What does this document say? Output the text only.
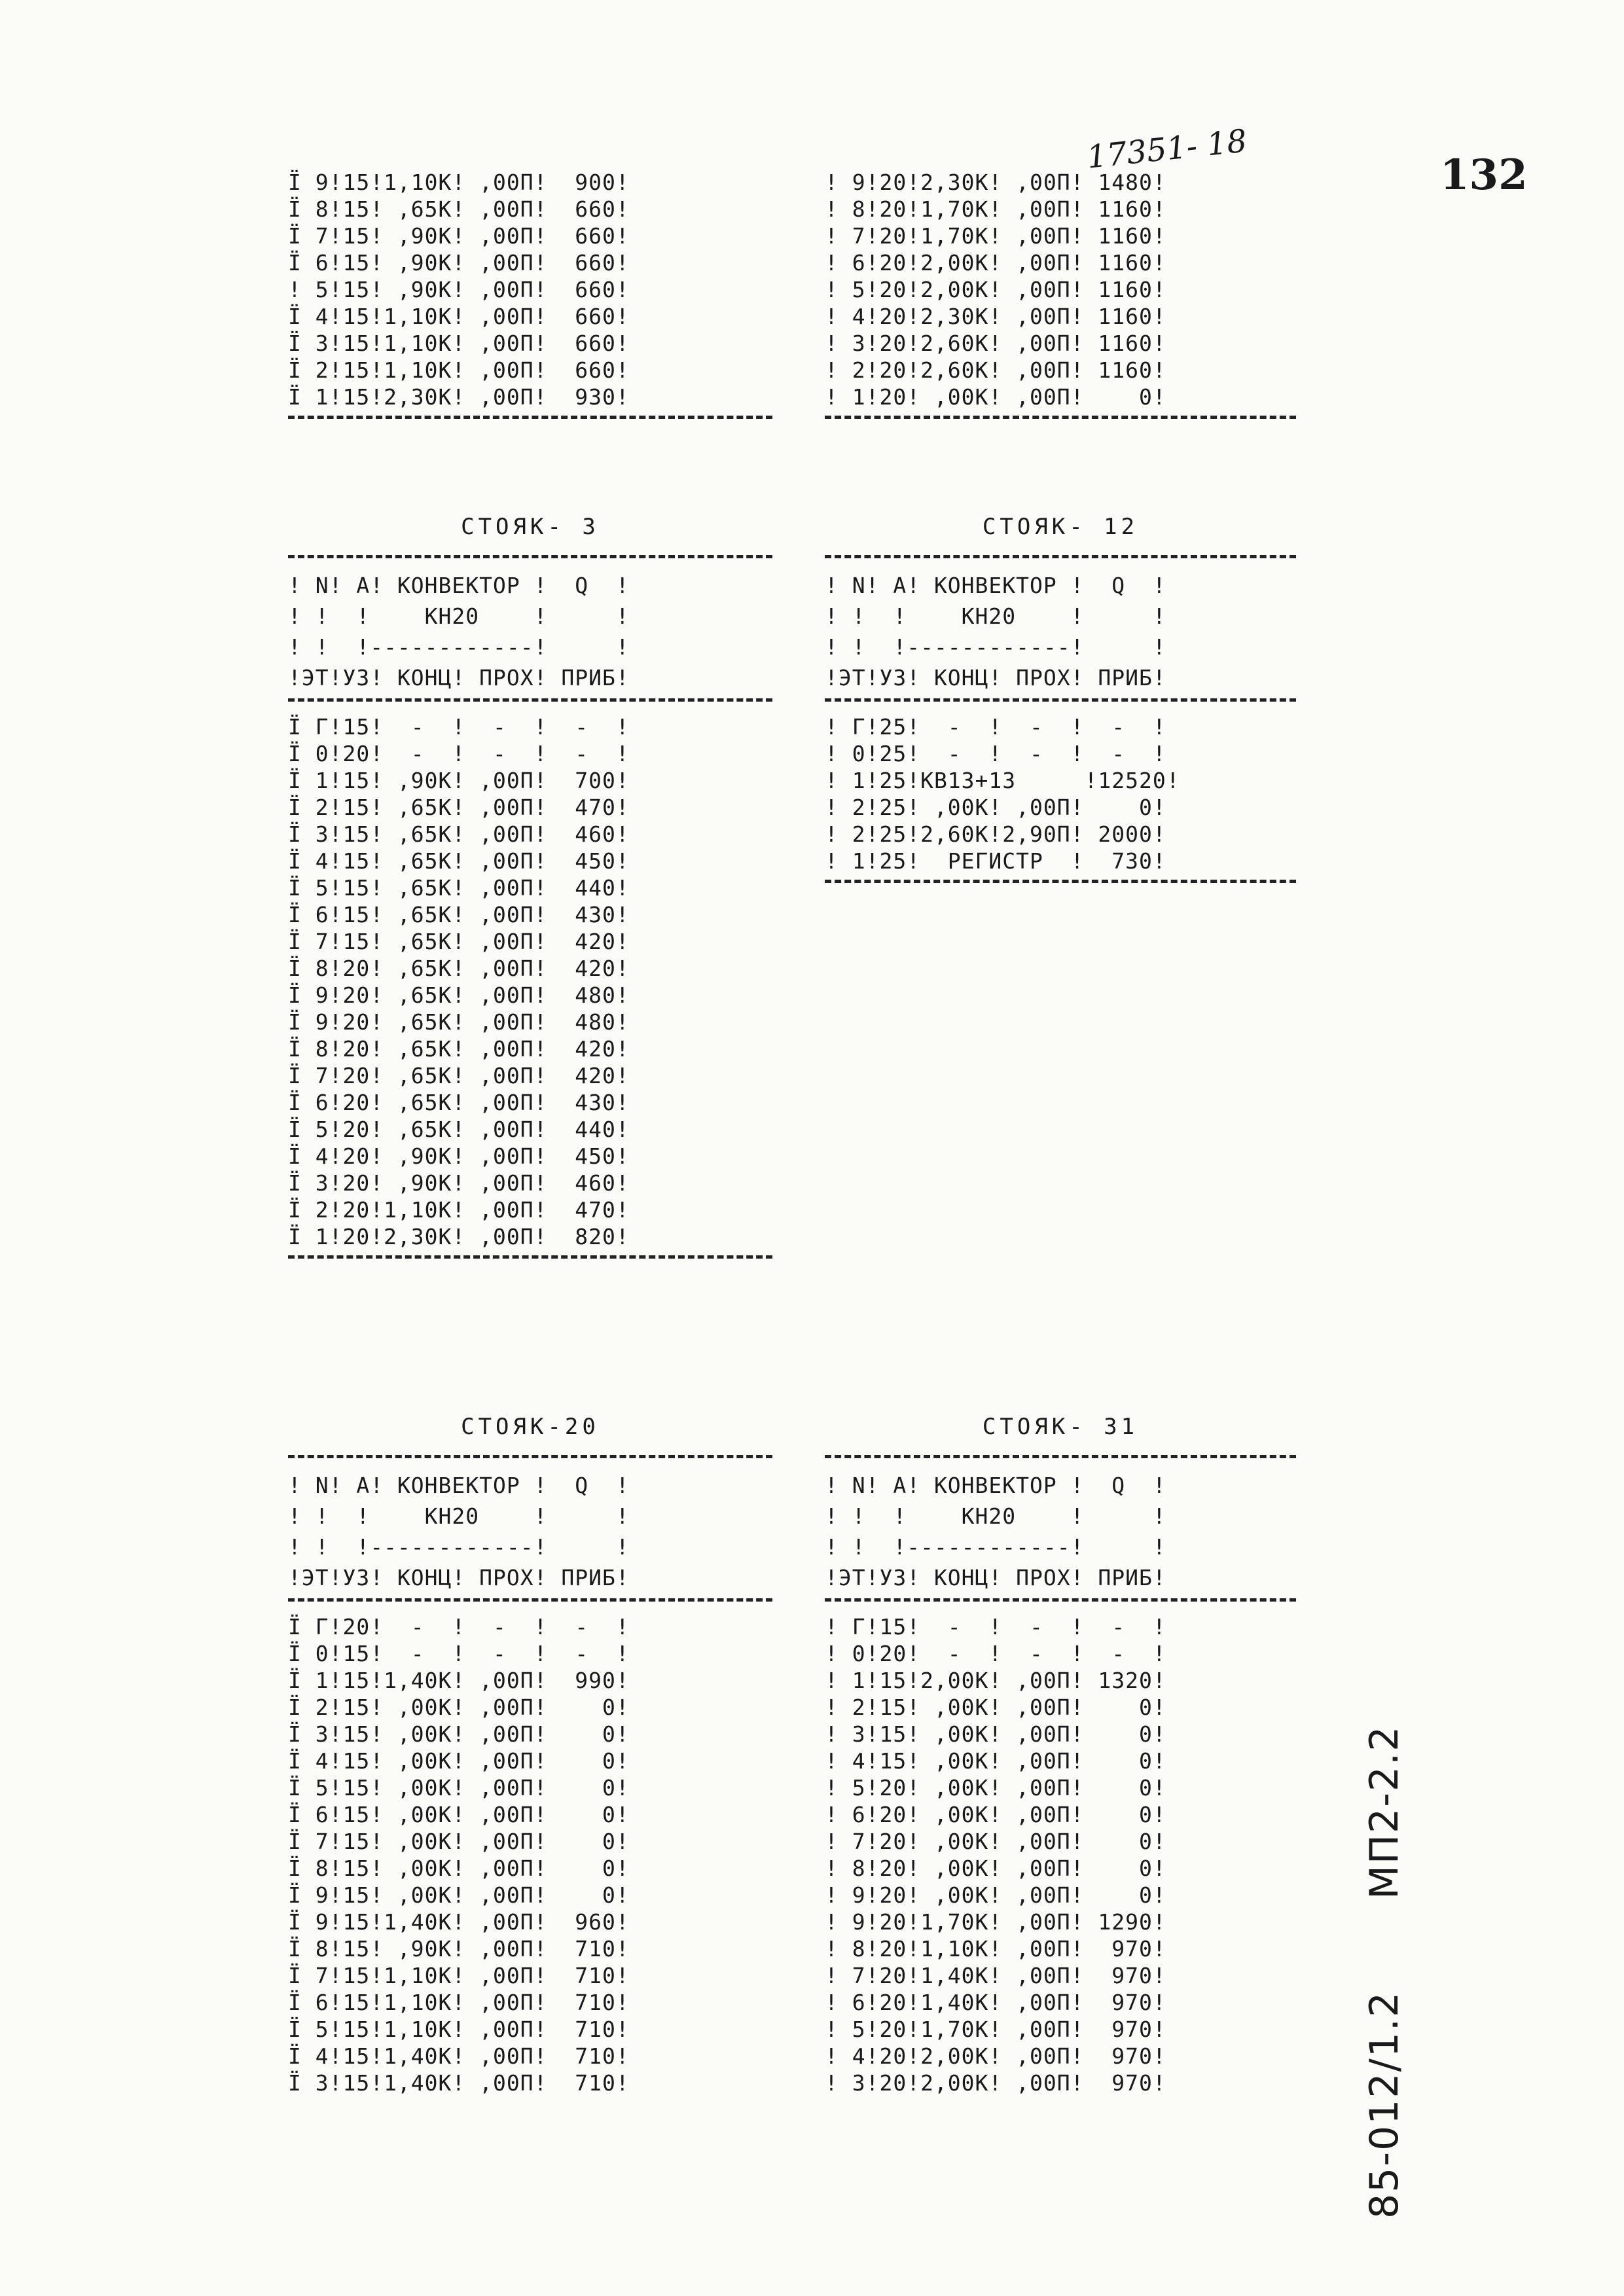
132
17351- 18
85-012/1.2МП2-2.2
Ї 9!15!1,10К! ,00П!  900!
Ї 8!15! ,65К! ,00П!  660!
Ї 7!15! ,90К! ,00П!  660!
Ї 6!15! ,90К! ,00П!  660!
! 5!15! ,90К! ,00П!  660!
Ї 4!15!1,10К! ,00П!  660!
Ї 3!15!1,10К! ,00П!  660!
Ї 2!15!1,10К! ,00П!  660!
Ї 1!15!2,30К! ,00П!  930!
! 9!20!2,30К! ,00П! 1480!
! 8!20!1,70К! ,00П! 1160!
! 7!20!1,70К! ,00П! 1160!
! 6!20!2,00К! ,00П! 1160!
! 5!20!2,00К! ,00П! 1160!
! 4!20!2,30К! ,00П! 1160!
! 3!20!2,60К! ,00П! 1160!
! 2!20!2,60К! ,00П! 1160!
! 1!20! ,00К! ,00П!    0!
СТОЯК- 3
! N! A! КОНВЕКТОР !  Q  !
! !  !    КН20    !     !
! !  !------------!     !
!ЭТ!УЗ! КОНЦ! ПРОХ! ПРИБ!
Ї Г!15!  -  !  -  !  -  !
Ї 0!20!  -  !  -  !  -  !
Ї 1!15! ,90К! ,00П!  700!
Ї 2!15! ,65К! ,00П!  470!
Ї 3!15! ,65К! ,00П!  460!
Ї 4!15! ,65К! ,00П!  450!
Ї 5!15! ,65К! ,00П!  440!
Ї 6!15! ,65К! ,00П!  430!
Ї 7!15! ,65К! ,00П!  420!
Ї 8!20! ,65К! ,00П!  420!
Ї 9!20! ,65К! ,00П!  480!
Ї 9!20! ,65К! ,00П!  480!
Ї 8!20! ,65К! ,00П!  420!
Ї 7!20! ,65К! ,00П!  420!
Ї 6!20! ,65К! ,00П!  430!
Ї 5!20! ,65К! ,00П!  440!
Ї 4!20! ,90К! ,00П!  450!
Ї 3!20! ,90К! ,00П!  460!
Ї 2!20!1,10К! ,00П!  470!
Ї 1!20!2,30К! ,00П!  820!
СТОЯК- 12
! N! A! КОНВЕКТОР !  Q  !
! !  !    КН20    !     !
! !  !------------!     !
!ЭТ!УЗ! КОНЦ! ПРОХ! ПРИБ!
! Г!25!  -  !  -  !  -  !
! 0!25!  -  !  -  !  -  !
! 1!25!КВ13+13     !12520!
! 2!25! ,00К! ,00П!    0!
! 2!25!2,60К!2,90П! 2000!
! 1!25!  РЕГИСТР  !  730!
СТОЯК-20
! N! A! КОНВЕКТОР !  Q  !
! !  !    КН20    !     !
! !  !------------!     !
!ЭТ!УЗ! КОНЦ! ПРОХ! ПРИБ!
Ї Г!20!  -  !  -  !  -  !
Ї 0!15!  -  !  -  !  -  !
Ї 1!15!1,40К! ,00П!  990!
Ї 2!15! ,00К! ,00П!    0!
Ї 3!15! ,00К! ,00П!    0!
Ї 4!15! ,00К! ,00П!    0!
Ї 5!15! ,00К! ,00П!    0!
Ї 6!15! ,00К! ,00П!    0!
Ї 7!15! ,00К! ,00П!    0!
Ї 8!15! ,00К! ,00П!    0!
Ї 9!15! ,00К! ,00П!    0!
Ї 9!15!1,40К! ,00П!  960!
Ї 8!15! ,90К! ,00П!  710!
Ї 7!15!1,10К! ,00П!  710!
Ї 6!15!1,10К! ,00П!  710!
Ї 5!15!1,10К! ,00П!  710!
Ї 4!15!1,40К! ,00П!  710!
Ї 3!15!1,40К! ,00П!  710!
СТОЯК- 31
! N! A! КОНВЕКТОР !  Q  !
! !  !    КН20    !     !
! !  !------------!     !
!ЭТ!УЗ! КОНЦ! ПРОХ! ПРИБ!
! Г!15!  -  !  -  !  -  !
! 0!20!  -  !  -  !  -  !
! 1!15!2,00К! ,00П! 1320!
! 2!15! ,00К! ,00П!    0!
! 3!15! ,00К! ,00П!    0!
! 4!15! ,00К! ,00П!    0!
! 5!20! ,00К! ,00П!    0!
! 6!20! ,00К! ,00П!    0!
! 7!20! ,00К! ,00П!    0!
! 8!20! ,00К! ,00П!    0!
! 9!20! ,00К! ,00П!    0!
! 9!20!1,70К! ,00П! 1290!
! 8!20!1,10К! ,00П!  970!
! 7!20!1,40К! ,00П!  970!
! 6!20!1,40К! ,00П!  970!
! 5!20!1,70К! ,00П!  970!
! 4!20!2,00К! ,00П!  970!
! 3!20!2,00К! ,00П!  970!
